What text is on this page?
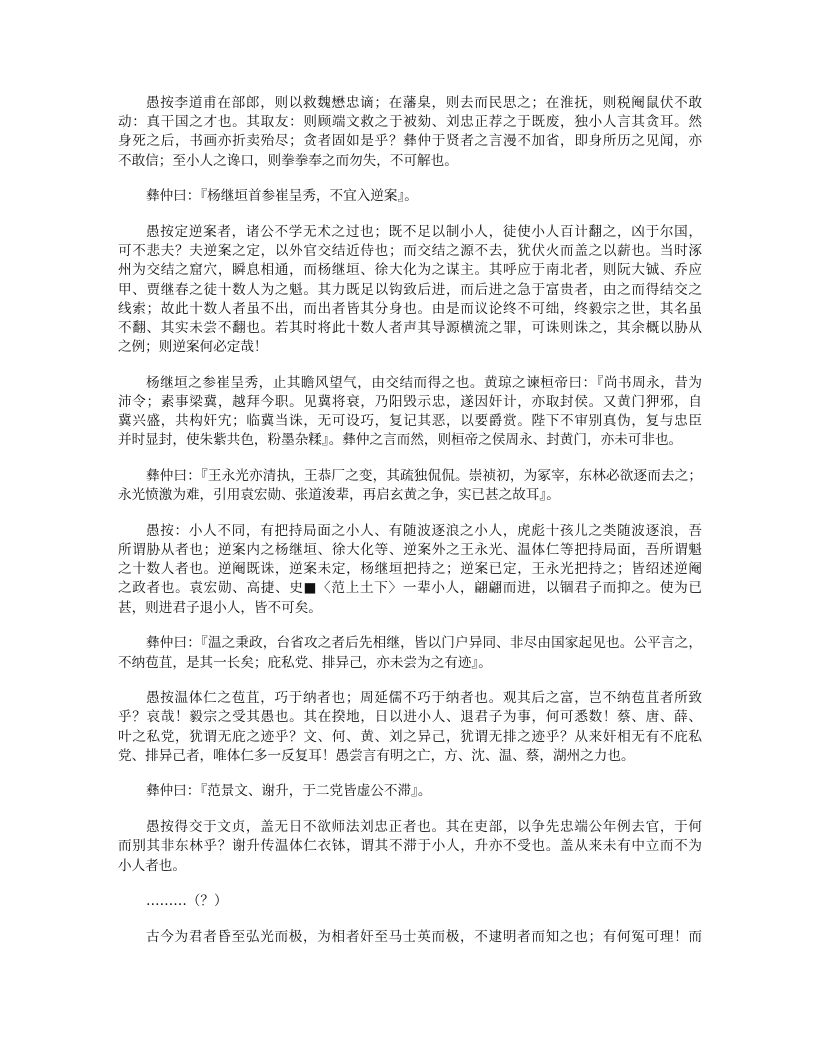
愚按李道甫在部郎，则以救魏懋忠谪；在藩臬，则去而民思之；在淮抚，则税阉鼠伏不敢
动：真干国之才也。其取友：则顾端文救之于被劾、刘忠正荐之于既废，独小人言其贪耳。然
身死之后，书画亦折卖殆尽；贪者固如是乎？彝仲于贤者之言漫不加省，即身所历之见闻，亦
不敢信；至小人之谗口，则拳拳奉之而勿失，不可解也。
彝仲曰：『杨继垣首参崔呈秀，不宜入逆案』。
愚按定逆案者，诸公不学无术之过也；既不足以制小人，徒使小人百计翻之，凶于尔国，
可不悲夫？夫逆案之定，以外官交结近侍也；而交结之源不去，犹伏火而盖之以薪也。当时涿
州为交结之窟穴，瞬息相通，而杨继垣、徐大化为之谋主。其呼应于南北者，则阮大铖、乔应
甲、贾继春之徒十数人为之魁。其力既足以钩致后进，而后进之急于富贵者，由之而得结交之
线索；故此十数人者虽不出，而出者皆其分身也。由是而议论终不可绌，终毅宗之世，其名虽
不翻、其实未尝不翻也。若其时将此十数人者声其导源横流之罪，可诛则诛之，其余概以胁从
之例；则逆案何必定哉！
杨继垣之参崔呈秀，止其瞻风望气，由交结而得之也。黄琼之谏桓帝曰：『尚书周永，昔为
沛令；素事梁冀，越拜今职。见冀将衰，乃阳毁示忠，遂因奸计，亦取封侯。又黄门狎邪，自
冀兴盛，共构奸宄；临冀当诛，无可设巧，复记其恶，以要爵赏。陛下不审别真伪，复与忠臣
并时显封，使朱紫共色，粉墨杂糅』。彝仲之言而然，则桓帝之侯周永、封黄门，亦未可非也。
彝仲曰：『王永光亦清执，王恭厂之变，其疏独侃侃。崇祯初，为冢宰，东林必欲逐而去之；
永光愤激为难，引用袁宏勋、张道浚辈，再启玄黄之争，实已甚之故耳』。
愚按：小人不同，有把持局面之小人、有随波逐浪之小人，虎彪十孩儿之类随波逐浪，吾
所谓胁从者也；逆案内之杨继垣、徐大化等、逆案外之王永光、温体仁等把持局面，吾所谓魁
之十数人者也。逆阉既诛，逆案未定，杨继垣把持之；逆案已定，王永光把持之；皆绍述逆阉
之政者也。袁宏勋、高捷、史■〈范上土下〉一辈小人，翩翩而进，以锢君子而抑之。使为已
甚，则进君子退小人，皆不可矣。
彝仲曰：『温之秉政，台省攻之者后先相继，皆以门户异同、非尽由国家起见也。公平言之，
不纳苞苴，是其一长矣；庇私党、排异己，亦未尝为之有迹』。
愚按温体仁之苞苴，巧于纳者也；周延儒不巧于纳者也。观其后之富，岂不纳苞苴者所致
乎？哀哉！毅宗之受其愚也。其在揆地，日以进小人、退君子为事，何可悉数！蔡、唐、薛、
叶之私党，犹谓无庇之迹乎？文、何、黄、刘之异己，犹谓无排之迹乎？从来奸相无有不庇私
党、排异己者，唯体仁多一反复耳！愚尝言有明之亡，方、沈、温、蔡，湖州之力也。
彝仲曰：『范景文、谢升，于二党皆虚公不滞』。
愚按得交于文贞，盖无日不欲师法刘忠正者也。其在吏部，以争先忠端公年例去官，于何
而别其非东林乎？谢升传温体仁衣钵，谓其不滞于小人，升亦不受也。盖从来未有中立而不为
小人者也。
………（？）
古今为君者昏至弘光而极，为相者奸至马士英而极，不逮明者而知之也；有何冤可理！而
